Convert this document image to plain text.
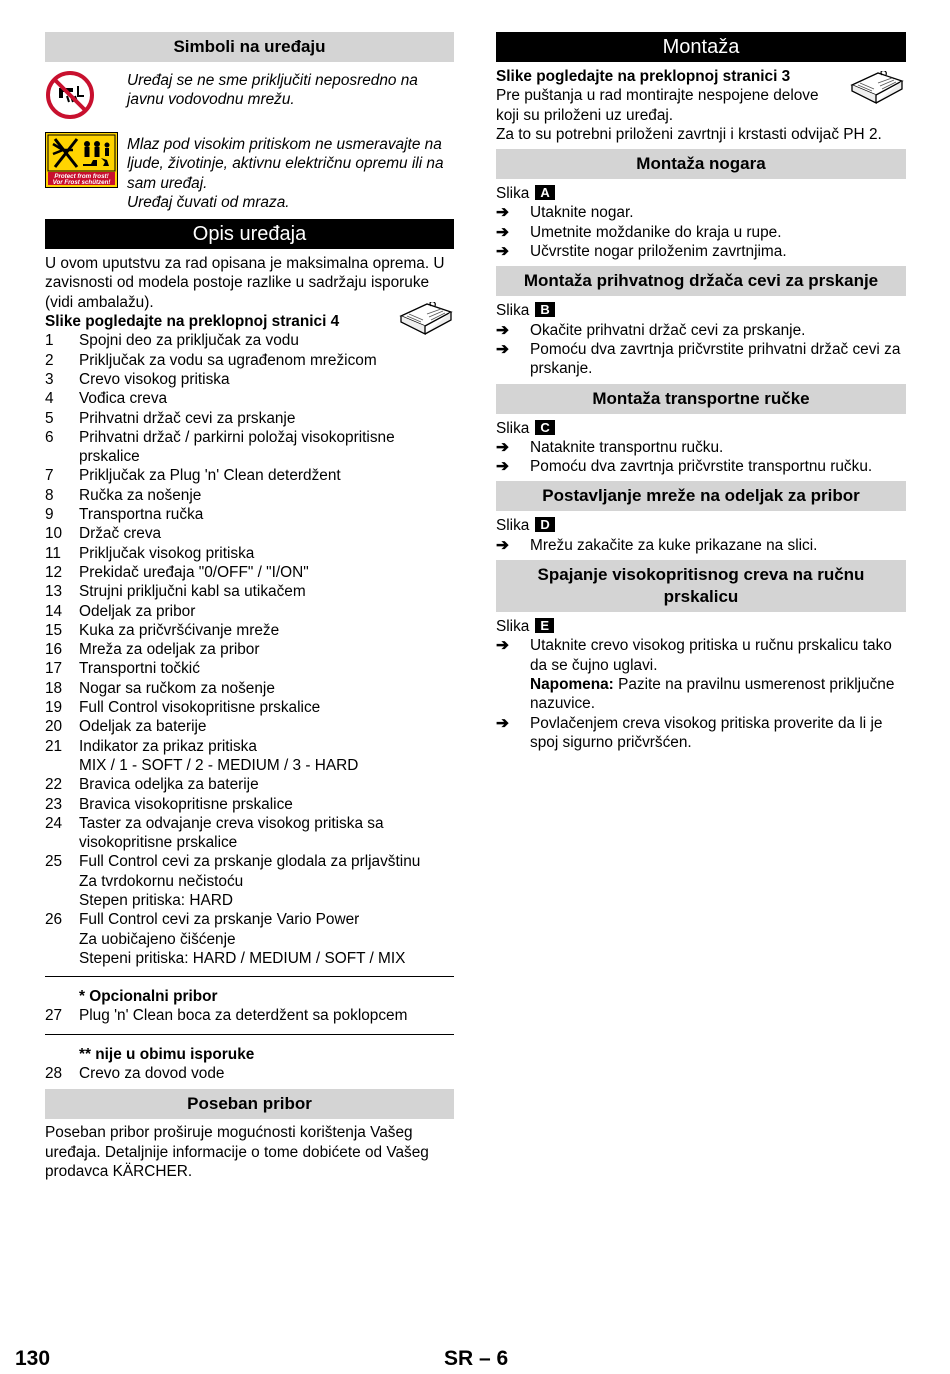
Simboli na uređaju

Uređaj se ne sme priključiti neposredno na javnu vodovodnu mrežu.

Protect from frost!
Vor Frost schützen!

Mlaz pod visokim pritiskom ne usmeravajte na ljude, životinje, aktivnu električnu opremu ili na sam uređaj.

Uređaj čuvati od mraza.

Opis uređaja

U ovom uputstvu za rad opisana je maksimalna oprema. U zavisnosti od modela postoje razlike u sadržaju isporuke (vidi ambalažu).

Slike pogledajte na preklopnoj stranici 4

1 Spojni deo za priključak za vodu
2 Priključak za vodu sa ugrađenom mrežicom
3 Crevo visokog pritiska
4 Vođica creva
5 Prihvatni držač cevi za prskanje
6 Prihvatni držač / parkirni položaj visokopritisne prskalice
7 Priključak za Plug 'n' Clean deterdžent
8 Ručka za nošenje
9 Transportna ručka
10 Držač creva
11 Priključak visokog pritiska
12 Prekidač uređaja "0/OFF" / "I/ON"
13 Strujni priključni kabl sa utikačem
14 Odeljak za pribor
15 Kuka za pričvršćivanje mreže
16 Mreža za odeljak za pribor
17 Transportni točkić
18 Nogar sa ručkom za nošenje
19 Full Control visokopritisne prskalice
20 Odeljak za baterije
21 Indikator za prikaz pritiska
MIX / 1 - SOFT / 2 - MEDIUM / 3 - HARD
22 Bravica odeljka za baterije
23 Bravica visokopritisne prskalice
24 Taster za odvajanje creva visokog pritiska sa visokopritisne prskalice
25 Full Control cevi za prskanje glodala za prljavštinu
Za tvrdokornu nečistoću
Stepen pritiska: HARD
26 Full Control cevi za prskanje Vario Power
Za uobičajeno čišćenje
Stepeni pritiska: HARD / MEDIUM / SOFT / MIX
* Opcionalni pribor
27 Plug 'n' Clean boca za deterdžent sa poklopcem
** nije u obimu isporuke
28 Crevo za dovod vode
Poseban pribor

Poseban pribor proširuje mogućnosti korištenja Vašeg uređaja. Detaljnije informacije o tome dobićete od Vašeg prodavca KÄRCHER.

Montaža

Slike pogledajte na preklopnoj stranici 3

Pre puštanja u rad montirajte nespojene delove koji su priloženi uz uređaj.

Za to su potrebni priloženi zavrtnji i krstasti odvijač PH 2.

Montaža nogara
Slika A
➔ Utaknite nogar.
➔ Umetnite moždanike do kraja u rupe.
➔ Učvrstite nogar priloženim zavrtnjima.
Montaža prihvatnog držača cevi za prskanje
Slika B
➔ Okačite prihvatni držač cevi za prskanje.
➔ Pomoću dva zavrtnja pričvrstite prihvatni držač cevi za prskanje.
Montaža transportne ručke
Slika C
➔ Nataknite transportnu ručku.
➔ Pomoću dva zavrtnja pričvrstite transportnu ručku.
Postavljanje mreže na odeljak za pribor
Slika D
➔ Mrežu zakačite za kuke prikazane na slici.
Spajanje visokopritisnog creva na ručnu prskalicu
Slika E
➔ Utaknite crevo visokog pritiska u ručnu prskalicu tako da se čujno uglavi.
Napomena: Pazite na pravilnu usmerenost priključne nazuvice.
➔ Povlačenjem creva visokog pritiska proverite da li je spoj sigurno pričvršćen.
130	SR – 6
